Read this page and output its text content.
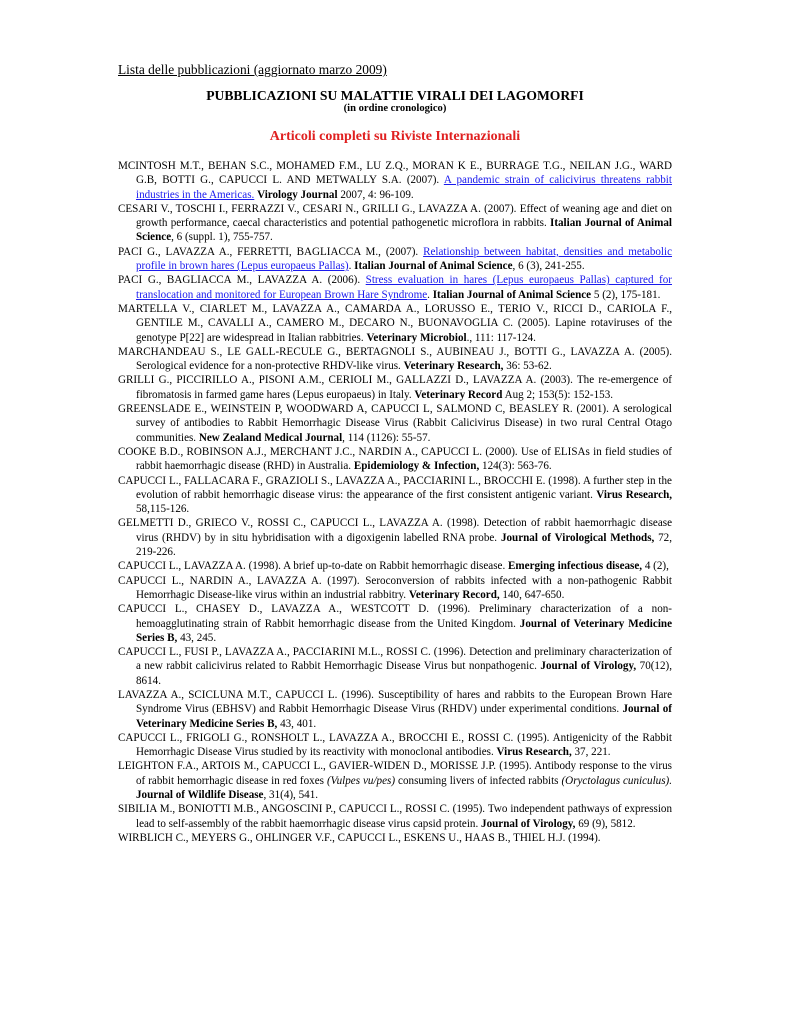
Lista delle pubblicazioni (aggiornato marzo 2009)

PUBBLICAZIONI SU MALATTIE VIRALI DEI LAGOMORFI

(in ordine cronologico)

Articoli completi su Riviste Internazionali

MCINTOSH M.T., BEHAN S.C., MOHAMED F.M., LU Z.Q., MORAN K E., BURRAGE T.G., NEILAN J.G., WARD G.B, BOTTI G., CAPUCCI L. AND METWALLY S.A. (2007). A pandemic strain of calicivirus threatens rabbit industries in the Americas. Virology Journal 2007, 4: 96-109.
CESARI V., TOSCHI I., FERRAZZI V., CESARI N., GRILLI G., LAVAZZA A. (2007). Effect of weaning age and diet on growth performance, caecal characteristics and potential pathogenetic microflora in rabbits. Italian Journal of Animal Science, 6 (suppl. 1), 755-757.
PACI G., LAVAZZA A., FERRETTI, BAGLIACCA M., (2007). Relationship between habitat, densities and metabolic profile in brown hares (Lepus europaeus Pallas). Italian Journal of Animal Science, 6 (3), 241-255.
PACI G., BAGLIACCA M., LAVAZZA A. (2006). Stress evaluation in hares (Lepus europaeus Pallas) captured for translocation and monitored for European Brown Hare Syndrome. Italian Journal of Animal Science 5 (2), 175-181.
MARTELLA V., CIARLET M., LAVAZZA A., CAMARDA A., LORUSSO E., TERIO V., RICCI D., CARIOLA F., GENTILE M., CAVALLI A., CAMERO M., DECARO N., BUONAVOGLIA C. (2005). Lapine rotaviruses of the genotype P[22] are widespread in Italian rabbitries. Veterinary Microbiol., 111: 117-124.
MARCHANDEAU S., LE GALL-RECULE G., BERTAGNOLI S., AUBINEAU J., BOTTI G., LAVAZZA A. (2005). Serological evidence for a non-protective RHDV-like virus. Veterinary Research, 36: 53-62.
GRILLI G., PICCIRILLO A., PISONI A.M., CERIOLI M., GALLAZZI D., LAVAZZA A. (2003). The re-emergence of fibromatosis in farmed game hares (Lepus europaeus) in Italy. Veterinary Record Aug 2; 153(5): 152-153.
GREENSLADE E., WEINSTEIN P, WOODWARD A, CAPUCCI L, SALMOND C, BEASLEY R. (2001). A serological survey of antibodies to Rabbit Hemorrhagic Disease Virus (Rabbit Calicivirus Disease) in two rural Central Otago communities. New Zealand Medical Journal, 114 (1126): 55-57.
COOKE B.D., ROBINSON A.J., MERCHANT J.C., NARDIN A., CAPUCCI L. (2000). Use of ELISAs in field studies of rabbit haemorrhagic disease (RHD) in Australia. Epidemiology & Infection, 124(3): 563-76.
CAPUCCI L., FALLACARA F., GRAZIOLI S., LAVAZZA A., PACCIARINI L., BROCCHI E. (1998). A further step in the evolution of rabbit hemorrhagic disease virus: the appearance of the first consistent antigenic variant. Virus Research, 58,115-126.
GELMETTI D., GRIECO V., ROSSI C., CAPUCCI L., LAVAZZA A. (1998). Detection of rabbit haemorrhagic disease virus (RHDV) by in situ hybridisation with a digoxigenin labelled RNA probe. Journal of Virological Methods, 72, 219-226.
CAPUCCI L., LAVAZZA A. (1998). A brief up-to-date on Rabbit hemorrhagic disease. Emerging infectious disease, 4 (2),
CAPUCCI L., NARDIN A., LAVAZZA A. (1997). Seroconversion of rabbits infected with a non-pathogenic Rabbit Hemorrhagic Disease-like virus within an industrial rabbitry. Veterinary Record, 140, 647-650.
CAPUCCI L., CHASEY D., LAVAZZA A., WESTCOTT D. (1996). Preliminary characterization of a non-hemoagglutinating strain of Rabbit hemorrhagic disease from the United Kingdom. Journal of Veterinary Medicine Series B, 43, 245.
CAPUCCI L., FUSI P., LAVAZZA A., PACCIARINI M.L., ROSSI C. (1996). Detection and preliminary characterization of a new rabbit calicivirus related to Rabbit Hemorrhagic Disease Virus but nonpathogenic. Journal of Virology, 70(12), 8614.
LAVAZZA A., SCICLUNA M.T., CAPUCCI L. (1996). Susceptibility of hares and rabbits to the European Brown Hare Syndrome Virus (EBHSV) and Rabbit Hemorrhagic Disease Virus (RHDV) under experimental conditions. Journal of Veterinary Medicine Series B, 43, 401.
CAPUCCI L., FRIGOLI G., RONSHOLT L., LAVAZZA A., BROCCHI E., ROSSI C. (1995). Antigenicity of the Rabbit Hemorrhagic Disease Virus studied by its reactivity with monoclonal antibodies. Virus Research, 37, 221.
LEIGHTON F.A., ARTOIS M., CAPUCCI L., GAVIER-WIDEN D., MORISSE J.P. (1995). Antibody response to the virus of rabbit hemorrhagic disease in red foxes (Vulpes vu/pes) consuming livers of infected rabbits (Oryctolagus cuniculus). Journal of Wildlife Disease, 31(4), 541.
SIBILIA M., BONIOTTI M.B., ANGOSCINI P., CAPUCCI L., ROSSI C. (1995). Two independent pathways of expression lead to self-assembly of the rabbit haemorrhagic disease virus capsid protein. Journal of Virology, 69 (9), 5812.
WIRBLICH C., MEYERS G., OHLINGER V.F., CAPUCCI L., ESKENS U., HAAS B., THIEL H.J. (1994).
